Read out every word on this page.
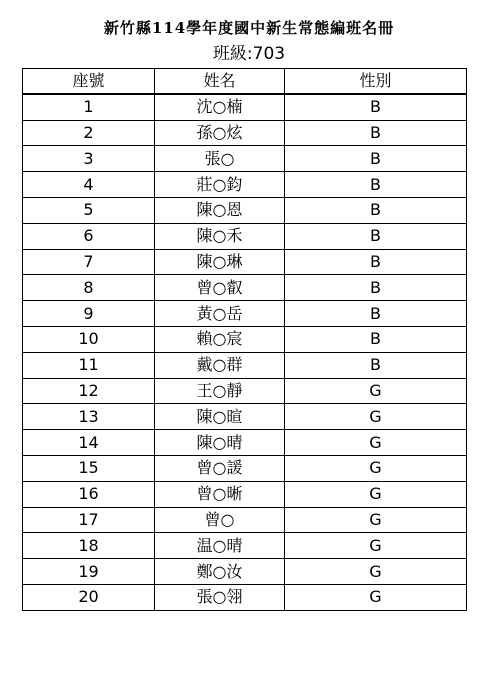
新竹縣114學年度國中新生常態編班名冊
班級:703
座號	姓名	性別
1	沈○楠	B
2	孫○炫	B
3	張○	B
4	莊○鈞	B
5	陳○恩	B
6	陳○禾	B
7	陳○琳	B
8	曾○叡	B
9	黃○岳	B
10	賴○宸	B
11	戴○群	B
12	王○靜	G
13	陳○暄	G
14	陳○晴	G
15	曾○諼	G
16	曾○晰	G
17	曾○	G
18	温○晴	G
19	鄭○汝	G
20	張○翎	G
